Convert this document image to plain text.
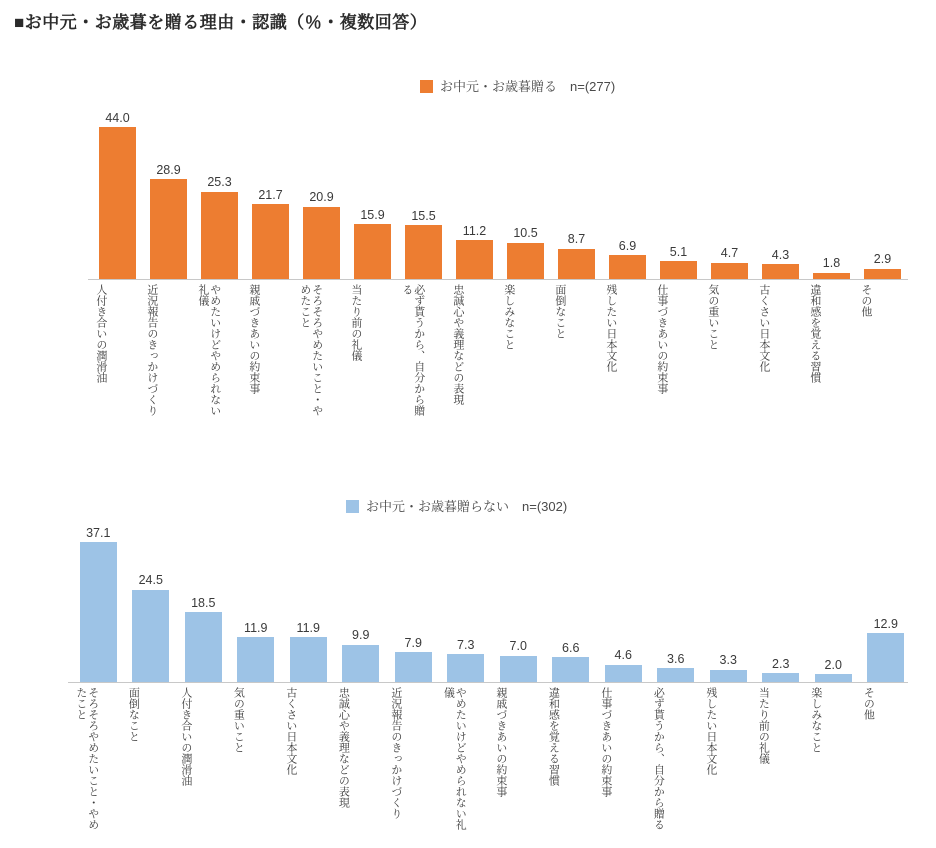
■お中元・お歳暮を贈る理由・認識（％・複数回答）
お中元・お歳暮贈る　n=(277)
44.0
28.9
25.3
21.7 20.9
15.9 15.5
11.2 10.5 8.7	6.9	5.1	4.7	4.3
1.8	2.9
人付き合いの潤滑油	近況報告のきっかけづくり	やめたいけどやめられない礼儀	親戚づきあいの約束事	そろそろやめたいこと・やめたこと	当たり前の礼儀	必ず貰うから、自分から贈る	忠誠心や義理などの表現	楽しみなこと	面倒なこと	残したい日本文化	仕事づきあいの約束事	気の重いこと	古くさい日本文化	違和感を覚える習慣	その他
お中元・お歳暮贈らない　n=(302)
37.1
24.5
18.5
11.9 11.9
9.9
7.9	7.3	7.0	6.6
4.6	3.6	3.3	2.3	2.0
12.9
そろそろやめたいこと・やめたこと	面倒なこと	人付き合いの潤滑油	気の重いこと	古くさい日本文化	忠誠心や義理などの表現	近況報告のきっかけづくり	やめたいけどやめられない礼儀	親戚づきあいの約束事	違和感を覚える習慣	仕事づきあいの約束事	必ず貰うから、自分から贈る	残したい日本文化	当たり前の礼儀	楽しみなこと	その他
